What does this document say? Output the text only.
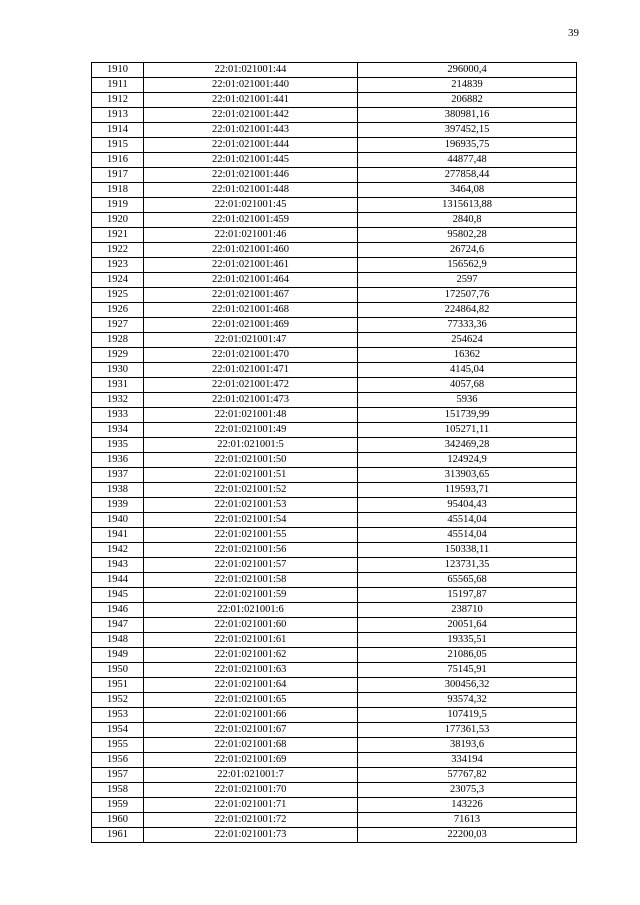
39
1910	22:01:021001:44	296000,4
1911	22:01:021001:440	214839
1912	22:01:021001:441	206882
1913	22:01:021001:442	380981,16
1914	22:01:021001:443	397452,15
1915	22:01:021001:444	196935,75
1916	22:01:021001:445	44877,48
1917	22:01:021001:446	277858,44
1918	22:01:021001:448	3464,08
1919	22:01:021001:45	1315613,88
1920	22:01:021001:459	2840,8
1921	22:01:021001:46	95802,28
1922	22:01:021001:460	26724,6
1923	22:01:021001:461	156562,9
1924	22:01:021001:464	2597
1925	22:01:021001:467	172507,76
1926	22:01:021001:468	224864,82
1927	22:01:021001:469	77333,36
1928	22:01:021001:47	254624
1929	22:01:021001:470	16362
1930	22:01:021001:471	4145,04
1931	22:01:021001:472	4057,68
1932	22:01:021001:473	5936
1933	22:01:021001:48	151739,99
1934	22:01:021001:49	105271,11
1935	22:01:021001:5	342469,28
1936	22:01:021001:50	124924,9
1937	22:01:021001:51	313903,65
1938	22:01:021001:52	119593,71
1939	22:01:021001:53	95404,43
1940	22:01:021001:54	45514,04
1941	22:01:021001:55	45514,04
1942	22:01:021001:56	150338,11
1943	22:01:021001:57	123731,35
1944	22:01:021001:58	65565,68
1945	22:01:021001:59	15197,87
1946	22:01:021001:6	238710
1947	22:01:021001:60	20051,64
1948	22:01:021001:61	19335,51
1949	22:01:021001:62	21086,05
1950	22:01:021001:63	75145,91
1951	22:01:021001:64	300456,32
1952	22:01:021001:65	93574,32
1953	22:01:021001:66	107419,5
1954	22:01:021001:67	177361,53
1955	22:01:021001:68	38193,6
1956	22:01:021001:69	334194
1957	22:01:021001:7	57767,82
1958	22:01:021001:70	23075,3
1959	22:01:021001:71	143226
1960	22:01:021001:72	71613
1961	22:01:021001:73	22200,03
